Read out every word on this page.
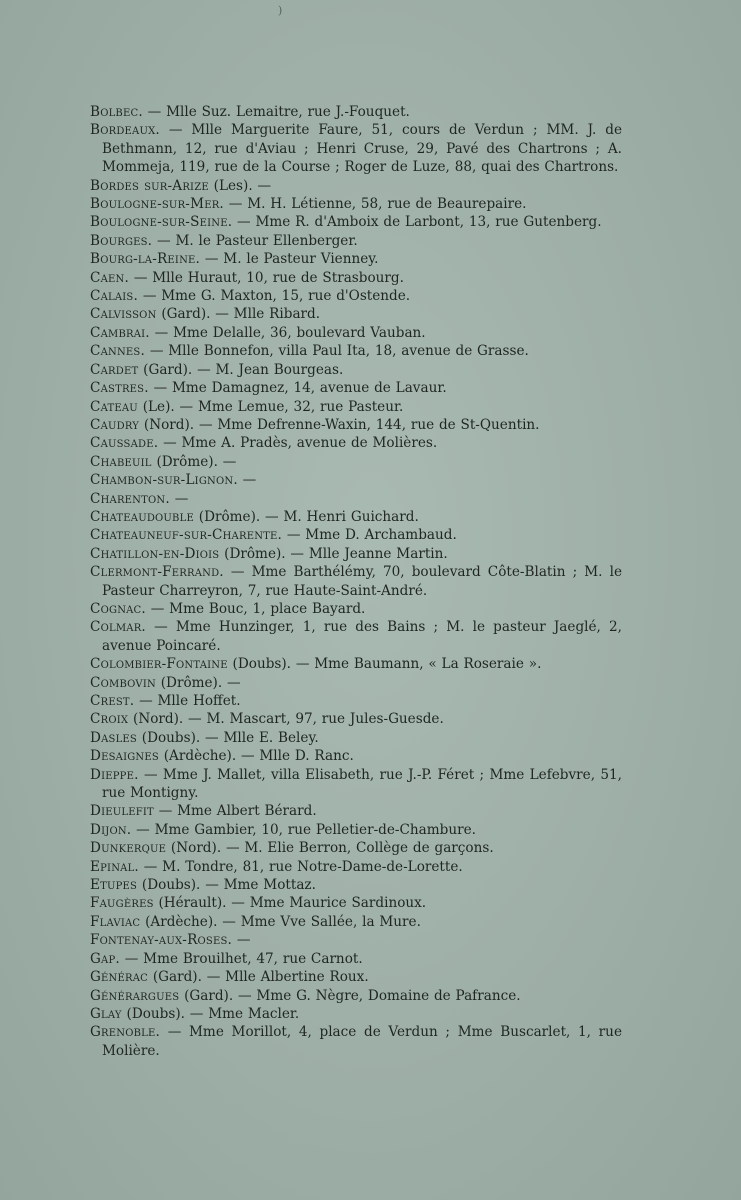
)

Bolbec. — Mlle Suz. Lemaitre, rue J.-Fouquet.

Bordeaux. — Mlle Marguerite Faure, 51, cours de Verdun ; MM. J. de Bethmann, 12, rue d'Aviau ; Henri Cruse, 29, Pavé des Chartrons ; A. Mommeja, 119, rue de la Course ; Roger de Luze, 88, quai des Chartrons.

Bordes sur-Arize (Les). —

Boulogne-sur-Mer. — M. H. Létienne, 58, rue de Beaurepaire.

Boulogne-sur-Seine. — Mme R. d'Amboix de Larbont, 13, rue Gutenberg.

Bourges. — M. le Pasteur Ellenberger.

Bourg-la-Reine. — M. le Pasteur Vienney.

Caen. — Mlle Huraut, 10, rue de Strasbourg.

Calais. — Mme G. Maxton, 15, rue d'Ostende.

Calvisson (Gard). — Mlle Ribard.

Cambrai. — Mme Delalle, 36, boulevard Vauban.

Cannes. — Mlle Bonnefon, villa Paul Ita, 18, avenue de Grasse.

Cardet (Gard). — M. Jean Bourgeas.

Castres. — Mme Damagnez, 14, avenue de Lavaur.

Cateau (Le). — Mme Lemue, 32, rue Pasteur.

Caudry (Nord). — Mme Defrenne-Waxin, 144, rue de St-Quentin.

Caussade. — Mme A. Pradès, avenue de Molières.

Chabeuil (Drôme). —

Chambon-sur-Lignon. —

Charenton. —

Chateaudouble (Drôme). — M. Henri Guichard.

Chateauneuf-sur-Charente. — Mme D. Archambaud.

Chatillon-en-Diois (Drôme). — Mlle Jeanne Martin.

Clermont-Ferrand. — Mme Barthélémy, 70, boulevard Côte-Blatin ; M. le Pasteur Charreyron, 7, rue Haute-Saint-André.

Cognac. — Mme Bouc, 1, place Bayard.

Colmar. — Mme Hunzinger, 1, rue des Bains ; M. le pasteur Jaeglé, 2, avenue Poincaré.

Colombier-Fontaine (Doubs). — Mme Baumann, « La Roseraie ».

Combovin (Drôme). —

Crest. — Mlle Hoffet.

Croix (Nord). — M. Mascart, 97, rue Jules-Guesde.

Dasles (Doubs). — Mlle E. Beley.

Desaignes (Ardèche). — Mlle D. Ranc.

Dieppe. — Mme J. Mallet, villa Elisabeth, rue J.-P. Féret ; Mme Lefebvre, 51, rue Montigny.

Dieulefit — Mme Albert Bérard.

Dijon. — Mme Gambier, 10, rue Pelletier-de-Chambure.

Dunkerque (Nord). — M. Elie Berron, Collège de garçons.

Epinal. — M. Tondre, 81, rue Notre-Dame-de-Lorette.

Etupes (Doubs). — Mme Mottaz.

Faugères (Hérault). — Mme Maurice Sardinoux.

Flaviac (Ardèche). — Mme Vve Sallée, la Mure.

Fontenay-aux-Roses. —

Gap. — Mme Brouilhet, 47, rue Carnot.

Générac (Gard). — Mlle Albertine Roux.

Générargues (Gard). — Mme G. Nègre, Domaine de Pafrance.

Glay (Doubs). — Mme Macler.

Grenoble. — Mme Morillot, 4, place de Verdun ; Mme Buscarlet, 1, rue Molière.
